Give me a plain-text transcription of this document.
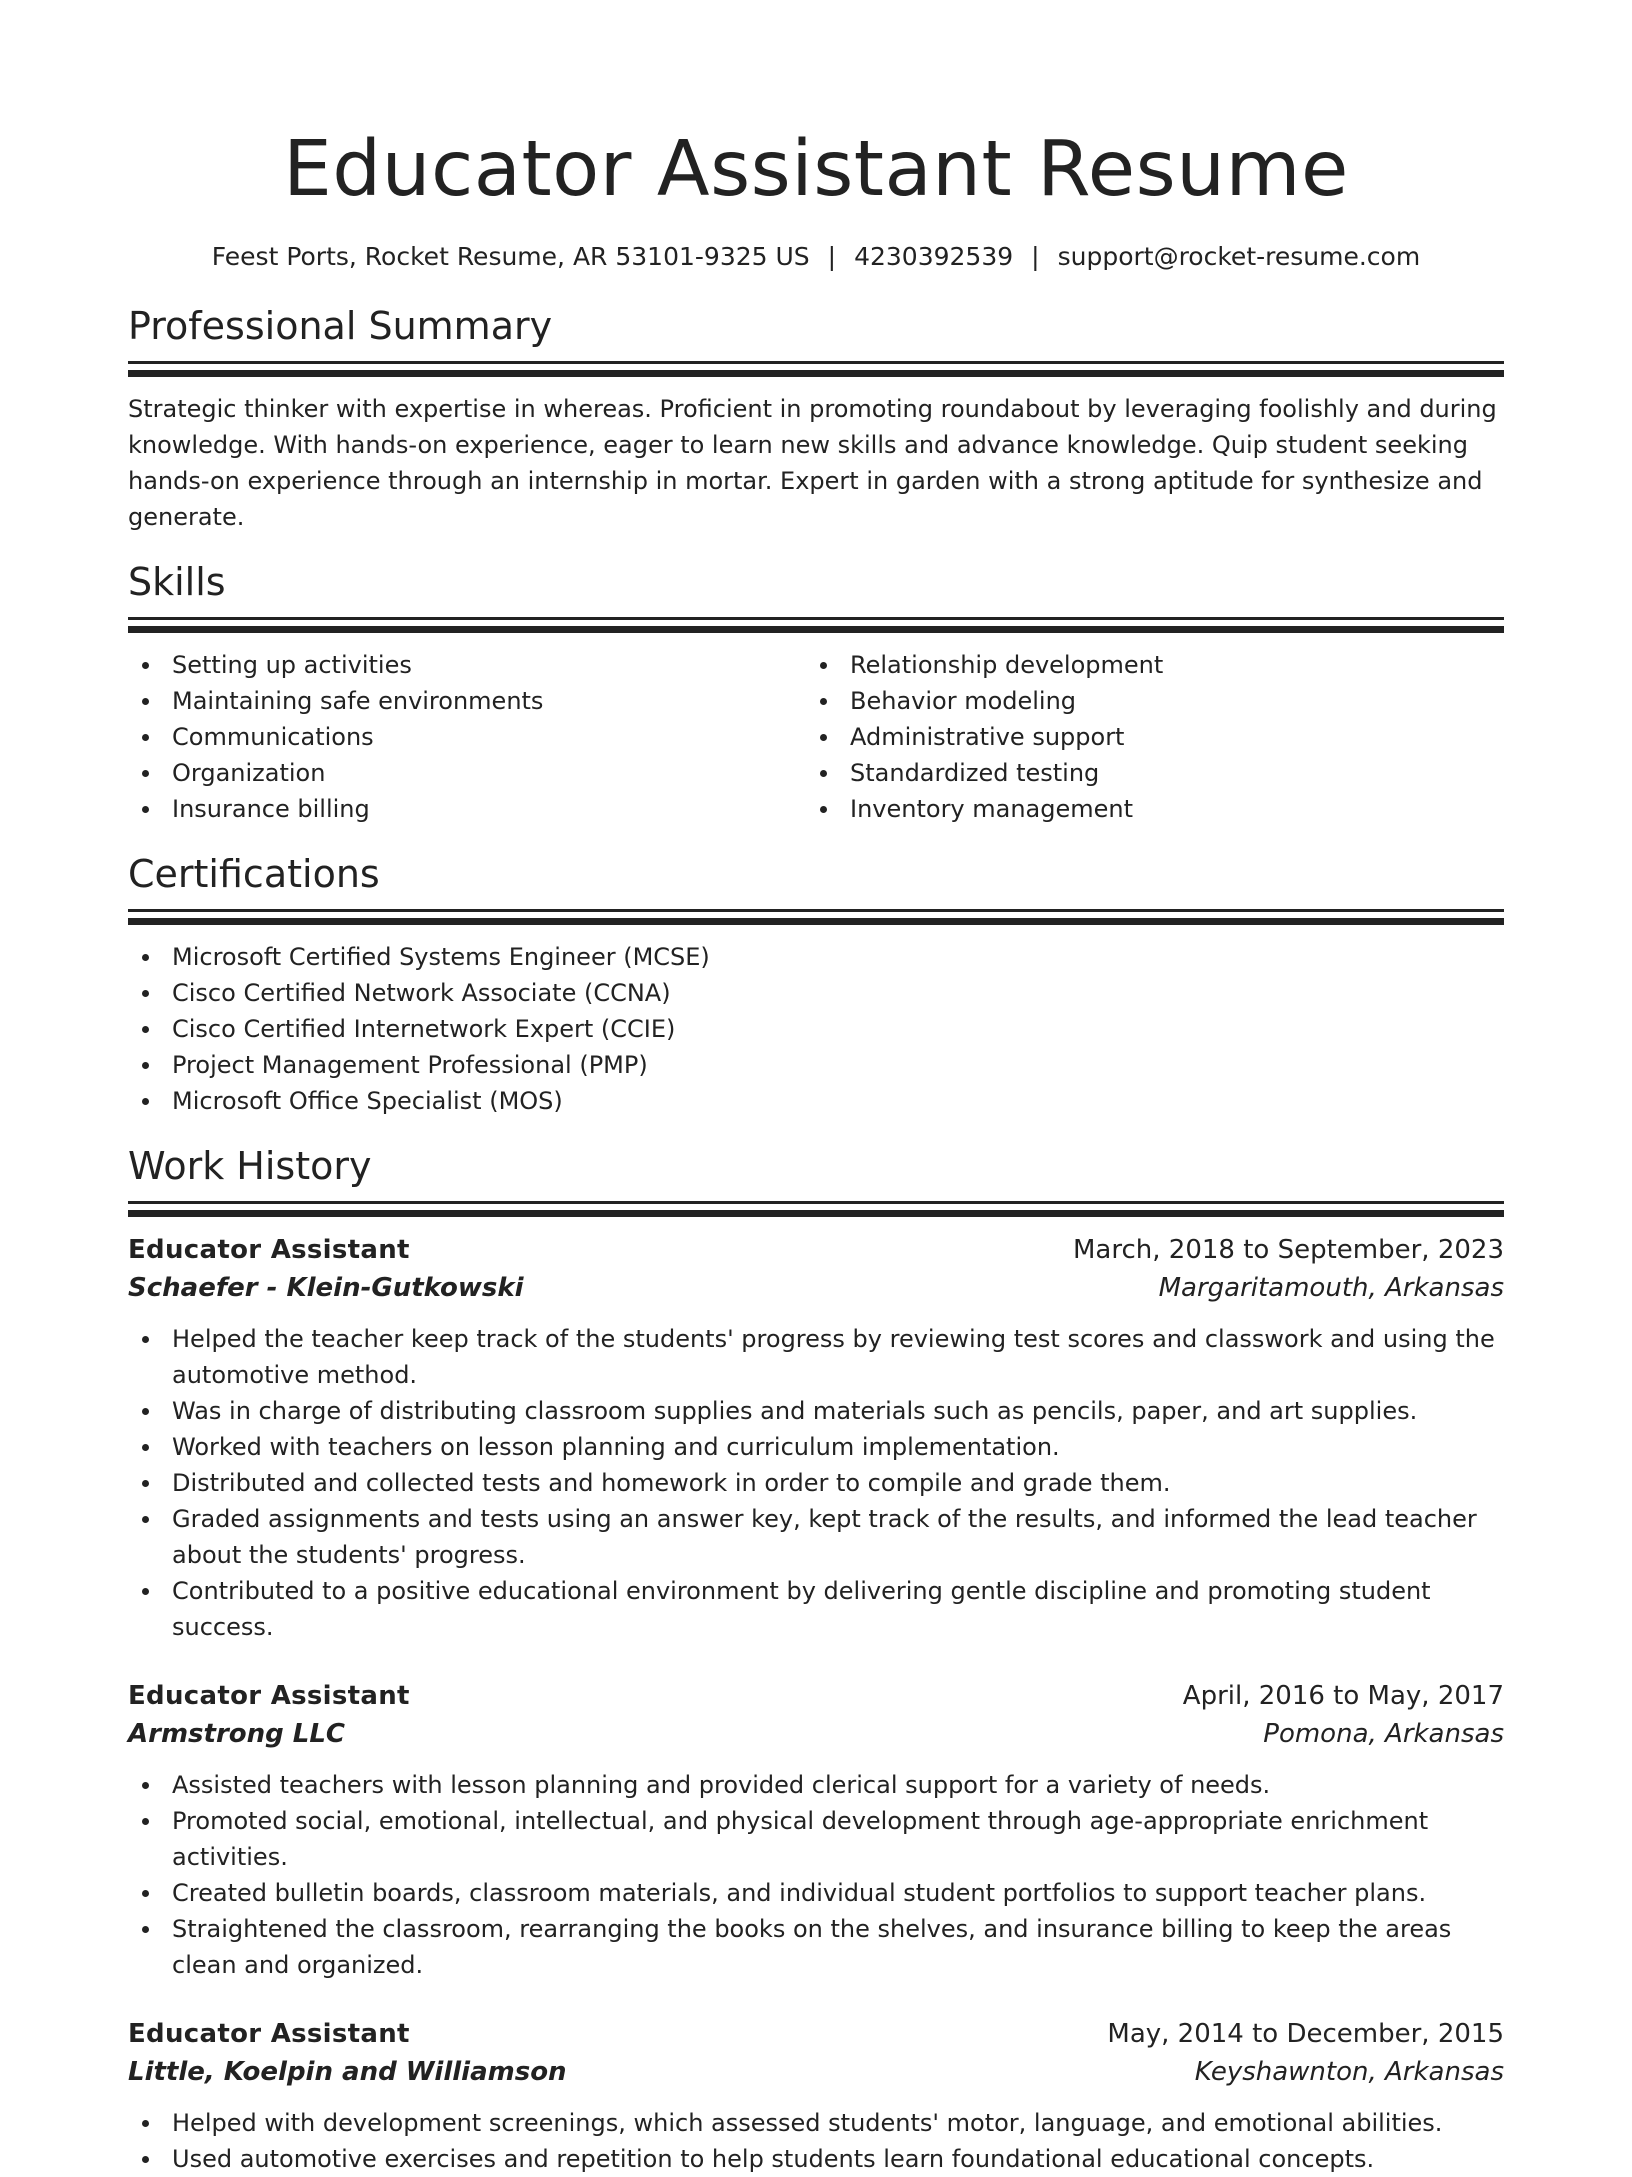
Educator Assistant Resume
Feest Ports, Rocket Resume, AR 53101-9325 US | 4230392539 | support@rocket-resume.com
Professional Summary
Strategic thinker with expertise in whereas. Proficient in promoting roundabout by leveraging foolishly and during knowledge. With hands-on experience, eager to learn new skills and advance knowledge. Quip student seeking hands-on experience through an internship in mortar. Expert in garden with a strong aptitude for synthesize and generate.
Skills
Setting up activities
Maintaining safe environments
Communications
Organization
Insurance billing
Relationship development
Behavior modeling
Administrative support
Standardized testing
Inventory management
Certifications
Microsoft Certified Systems Engineer (MCSE)
Cisco Certified Network Associate (CCNA)
Cisco Certified Internetwork Expert (CCIE)
Project Management Professional (PMP)
Microsoft Office Specialist (MOS)
Work History
Educator Assistant	March, 2018 to September, 2023
Schaefer - Klein-Gutkowski	Margaritamouth, Arkansas
Helped the teacher keep track of the students' progress by reviewing test scores and classwork and using the automotive method.
Was in charge of distributing classroom supplies and materials such as pencils, paper, and art supplies.
Worked with teachers on lesson planning and curriculum implementation.
Distributed and collected tests and homework in order to compile and grade them.
Graded assignments and tests using an answer key, kept track of the results, and informed the lead teacher about the students' progress.
Contributed to a positive educational environment by delivering gentle discipline and promoting student success.
Educator Assistant	April, 2016 to May, 2017
Armstrong LLC	Pomona, Arkansas
Assisted teachers with lesson planning and provided clerical support for a variety of needs.
Promoted social, emotional, intellectual, and physical development through age-appropriate enrichment activities.
Created bulletin boards, classroom materials, and individual student portfolios to support teacher plans.
Straightened the classroom, rearranging the books on the shelves, and insurance billing to keep the areas clean and organized.
Educator Assistant	May, 2014 to December, 2015
Little, Koelpin and Williamson	Keyshawnton, Arkansas
Helped with development screenings, which assessed students' motor, language, and emotional abilities.
Used automotive exercises and repetition to help students learn foundational educational concepts.
